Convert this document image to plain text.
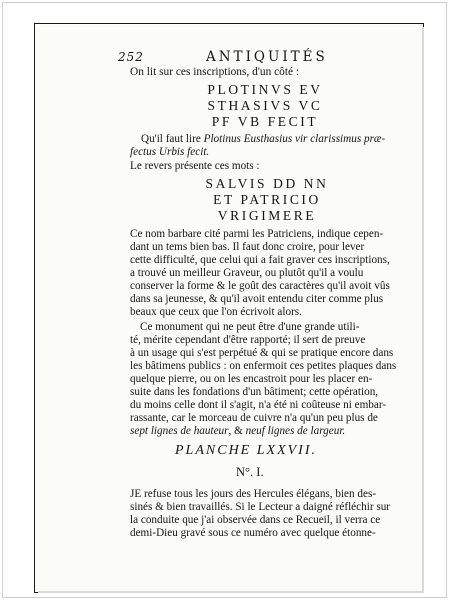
252	ANTIQUITÉS
On lit sur ces inscriptions, d'un côté :
PLOTINVS EV
STHASIVS VC
PF VB FECIT
Qu'il faut lire Plotinus Eusthasius vir clarissimus præ-
fectus Urbis fecit.
Le revers présente ces mots :
SALVIS DD NN
ET PATRICIO
VRIGIMERE
Ce nom barbare cité parmi les Patriciens, indique cepen-
dant un tems bien bas. Il faut donc croire, pour lever
cette difficulté, que celui qui a fait graver ces inscriptions,
a trouvé un meilleur Graveur, ou plutôt qu'il a voulu
conserver la forme & le goût des caractères qu'il avoit vûs
dans sa jeunesse, & qu'il avoit entendu citer comme plus
beaux que ceux que l'on écrivoit alors.
Ce monument qui ne peut être d'une grande utili-
té, mérite cependant d'être rapporté; il sert de preuve
à un usage qui s'est perpétué & qui se pratique encore dans
les bâtimens publics : on enfermoit ces petites plaques dans
quelque pierre, ou on les encastroit pour les placer en-
suite dans les fondations d'un bâtiment; cette opération,
du moins celle dont il s'agit, n'a été ni coûteuse ni embar-
rassante, car le morceau de cuivre n'a qu'un peu plus de
sept lignes de hauteur, & neuf lignes de largeur.
PLANCHE LXXVII.
N°. I.
JE refuse tous les jours des Hercules élégans, bien des-
sinés & bien travaillés. Si le Lecteur a daigné réfléchir sur
la conduite que j'ai observée dans ce Recueil, il verra ce
demi-Dieu gravé sous ce numéro avec quelque étonne-
